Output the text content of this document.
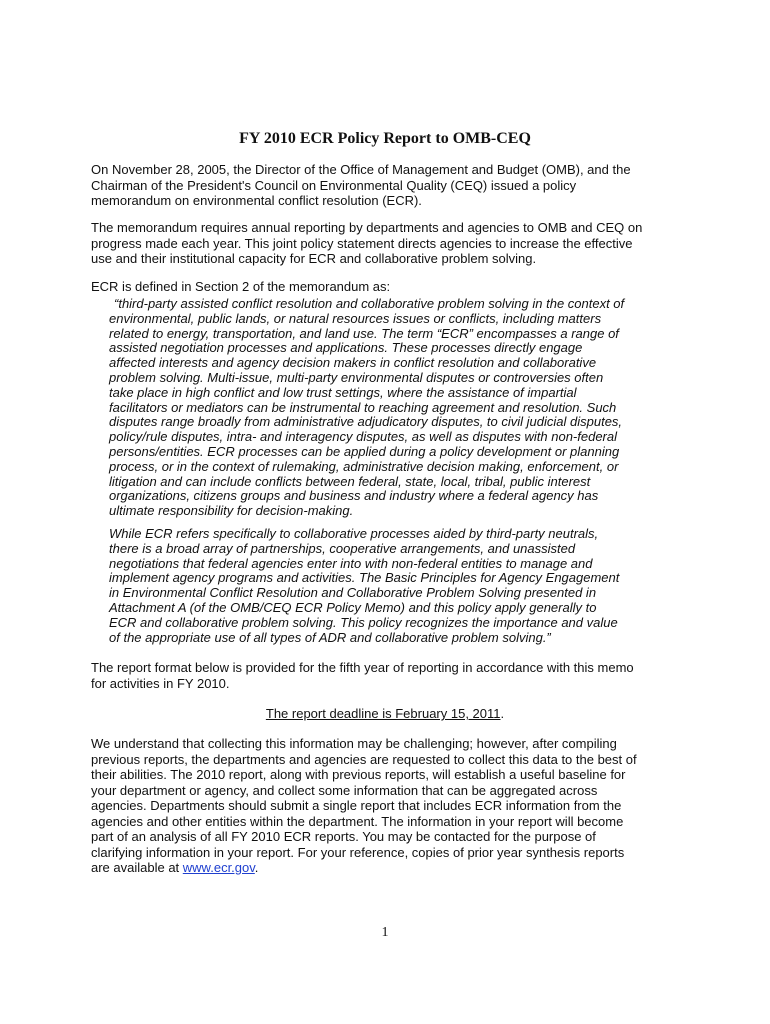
FY 2010 ECR Policy Report to OMB-CEQ

On November 28, 2005, the Director of the Office of Management and Budget (OMB), and the
Chairman of the President's Council on Environmental Quality (CEQ) issued a policy
memorandum on environmental conflict resolution (ECR).

The memorandum requires annual reporting by departments and agencies to OMB and CEQ on
progress made each year. This joint policy statement directs agencies to increase the effective
use and their institutional capacity for ECR and collaborative problem solving.

ECR is defined in Section 2 of the memorandum as:

“third-party assisted conflict resolution and collaborative problem solving in the context of
environmental, public lands, or natural resources issues or conflicts, including matters
related to energy, transportation, and land use. The term “ECR” encompasses a range of
assisted negotiation processes and applications. These processes directly engage
affected interests and agency decision makers in conflict resolution and collaborative
problem solving. Multi-issue, multi-party environmental disputes or controversies often
take place in high conflict and low trust settings, where the assistance of impartial
facilitators or mediators can be instrumental to reaching agreement and resolution. Such
disputes range broadly from administrative adjudicatory disputes, to civil judicial disputes,
policy/rule disputes, intra- and interagency disputes, as well as disputes with non-federal
persons/entities. ECR processes can be applied during a policy development or planning
process, or in the context of rulemaking, administrative decision making, enforcement, or
litigation and can include conflicts between federal, state, local, tribal, public interest
organizations, citizens groups and business and industry where a federal agency has
ultimate responsibility for decision-making.
While ECR refers specifically to collaborative processes aided by third-party neutrals,
there is a broad array of partnerships, cooperative arrangements, and unassisted
negotiations that federal agencies enter into with non-federal entities to manage and
implement agency programs and activities. The Basic Principles for Agency Engagement
in Environmental Conflict Resolution and Collaborative Problem Solving presented in
Attachment A (of the OMB/CEQ ECR Policy Memo) and this policy apply generally to
ECR and collaborative problem solving. This policy recognizes the importance and value
of the appropriate use of all types of ADR and collaborative problem solving.”

The report format below is provided for the fifth year of reporting in accordance with this memo
for activities in FY 2010.

The report deadline is February 15, 2011.

We understand that collecting this information may be challenging; however, after compiling
previous reports, the departments and agencies are requested to collect this data to the best of
their abilities. The 2010 report, along with previous reports, will establish a useful baseline for
your department or agency, and collect some information that can be aggregated across
agencies. Departments should submit a single report that includes ECR information from the
agencies and other entities within the department. The information in your report will become
part of an analysis of all FY 2010 ECR reports. You may be contacted for the purpose of
clarifying information in your report. For your reference, copies of prior year synthesis reports
are available at www.ecr.gov.

1
